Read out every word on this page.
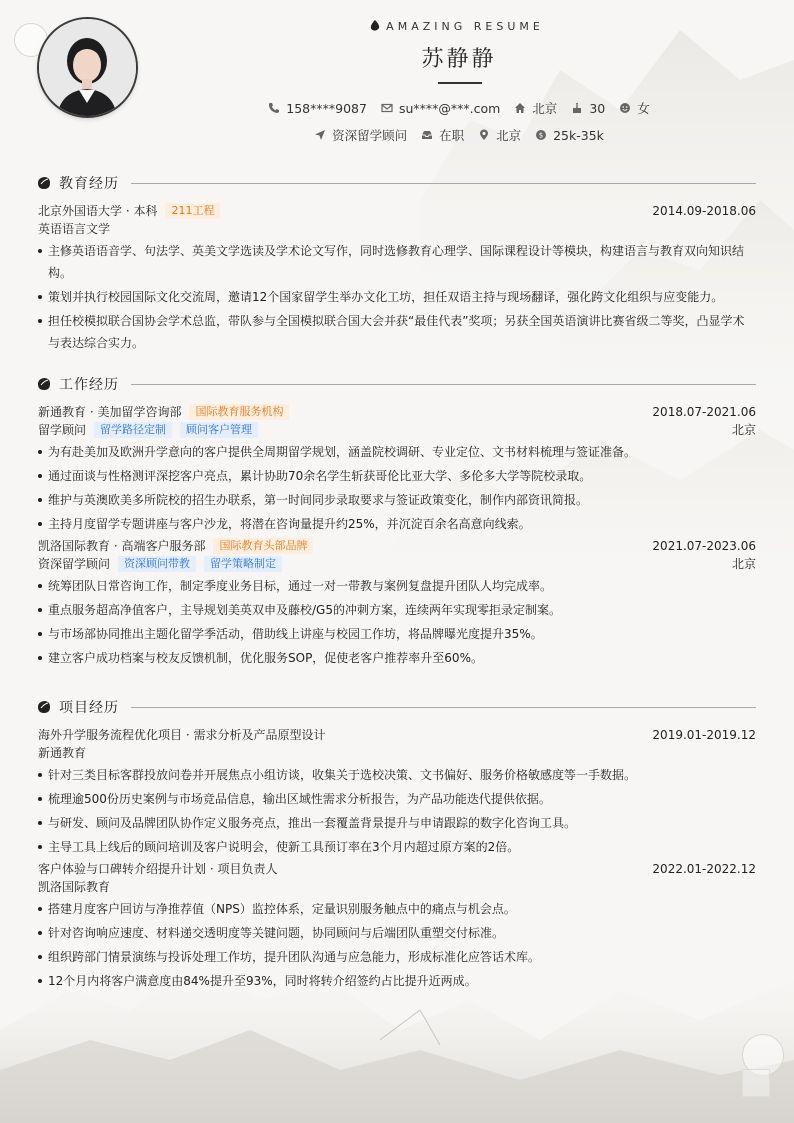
AMAZING RESUME
苏静静
158****9087	su****@***.com	北京	30	女
资深留学顾问	在职	北京	$ 25k-35k
教育经历
北京外国语大学 · 本科	211工程	2014.09-2018.06
英语语言文学
主修英语语音学、句法学、英美文学选读及学术论文写作，同时选修教育心理学、国际课程设计等模块，构建语言与教育双向知识结构。
策划并执行校园国际文化交流周，邀请12个国家留学生举办文化工坊，担任双语主持与现场翻译，强化跨文化组织与应变能力。
担任校模拟联合国协会学术总监，带队参与全国模拟联合国大会并获“最佳代表”奖项；另获全国英语演讲比赛省级二等奖，凸显学术与表达综合实力。
工作经历
新通教育 · 美加留学咨询部	国际教育服务机构	2018.07-2021.06
留学顾问	留学路径定制	顾问客户管理	北京
为有赴美加及欧洲升学意向的客户提供全周期留学规划，涵盖院校调研、专业定位、文书材料梳理与签证准备。
通过面谈与性格测评深挖客户亮点，累计协助70余名学生斩获哥伦比亚大学、多伦多大学等院校录取。
维护与英澳欧美多所院校的招生办联系，第一时间同步录取要求与签证政策变化，制作内部资讯简报。
主持月度留学专题讲座与客户沙龙，将潜在咨询量提升约25%，并沉淀百余名高意向线索。
凯洛国际教育 · 高端客户服务部	国际教育头部品牌	2021.07-2023.06
资深留学顾问	资深顾问带教	留学策略制定	北京
统筹团队日常咨询工作，制定季度业务目标，通过一对一带教与案例复盘提升团队人均完成率。
重点服务超高净值客户，主导规划美英双申及藤校/G5的冲刺方案，连续两年实现零拒录定制案。
与市场部协同推出主题化留学季活动，借助线上讲座与校园工作坊，将品牌曝光度提升35%。
建立客户成功档案与校友反馈机制，优化服务SOP，促使老客户推荐率升至60%。
项目经历
海外升学服务流程优化项目 · 需求分析及产品原型设计	2019.01-2019.12
新通教育
针对三类目标客群投放问卷并开展焦点小组访谈，收集关于选校决策、文书偏好、服务价格敏感度等一手数据。
梳理逾500份历史案例与市场竞品信息，输出区域性需求分析报告，为产品功能迭代提供依据。
与研发、顾问及品牌团队协作定义服务亮点，推出一套覆盖背景提升与申请跟踪的数字化咨询工具。
主导工具上线后的顾问培训及客户说明会，使新工具预订率在3个月内超过原方案的2倍。
客户体验与口碑转介绍提升计划 · 项目负责人	2022.01-2022.12
凯洛国际教育
搭建月度客户回访与净推荐值（NPS）监控体系，定量识别服务触点中的痛点与机会点。
针对咨询响应速度、材料递交透明度等关键问题，协同顾问与后端团队重塑交付标准。
组织跨部门情景演练与投诉处理工作坊，提升团队沟通与应急能力，形成标准化应答话术库。
12个月内将客户满意度由84%提升至93%，同时将转介绍签约占比提升近两成。
